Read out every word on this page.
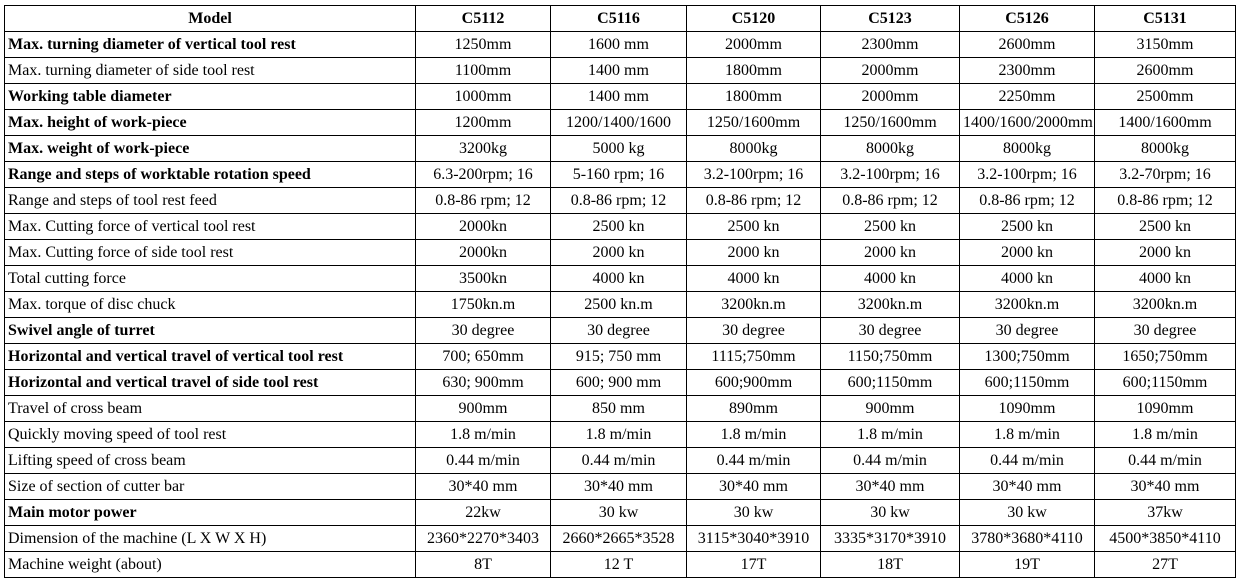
Model	C5112	C5116	C5120	C5123	C5126	C5131
Max. turning diameter of vertical tool rest	1250mm	1600 mm	2000mm	2300mm	2600mm	3150mm
Max. turning diameter of side tool rest	1100mm	1400 mm	1800mm	2000mm	2300mm	2600mm
Working table diameter	1000mm	1400 mm	1800mm	2000mm	2250mm	2500mm
Max. height of work-piece	1200mm	1200/1400/1600	1250/1600mm	1250/1600mm	1400/1600/2000mm	1400/1600mm
Max. weight of work-piece	3200kg	5000 kg	8000kg	8000kg	8000kg	8000kg
Range and steps of worktable rotation speed	6.3-200rpm; 16	5-160 rpm; 16	3.2-100rpm; 16	3.2-100rpm; 16	3.2-100rpm; 16	3.2-70rpm; 16
Range and steps of tool rest feed	0.8-86 rpm; 12	0.8-86 rpm; 12	0.8-86 rpm; 12	0.8-86 rpm; 12	0.8-86 rpm; 12	0.8-86 rpm; 12
Max. Cutting force of vertical tool rest	2000kn	2500 kn	2500 kn	2500 kn	2500 kn	2500 kn
Max. Cutting force of side tool rest	2000kn	2000 kn	2000 kn	2000 kn	2000 kn	2000 kn
Total cutting force	3500kn	4000 kn	4000 kn	4000 kn	4000 kn	4000 kn
Max. torque of disc chuck	1750kn.m	2500 kn.m	3200kn.m	3200kn.m	3200kn.m	3200kn.m
Swivel angle of turret	30 degree	30 degree	30 degree	30 degree	30 degree	30 degree
Horizontal and vertical travel of vertical tool rest	700; 650mm	915; 750 mm	1115;750mm	1150;750mm	1300;750mm	1650;750mm
Horizontal and vertical travel of side tool rest	630; 900mm	600; 900 mm	600;900mm	600;1150mm	600;1150mm	600;1150mm
Travel of cross beam	900mm	850 mm	890mm	900mm	1090mm	1090mm
Quickly moving speed of tool rest	1.8 m/min	1.8 m/min	1.8 m/min	1.8 m/min	1.8 m/min	1.8 m/min
Lifting speed of cross beam	0.44 m/min	0.44 m/min	0.44 m/min	0.44 m/min	0.44 m/min	0.44 m/min
Size of section of cutter bar	30*40 mm	30*40 mm	30*40 mm	30*40 mm	30*40 mm	30*40 mm
Main motor power	22kw	30 kw	30 kw	30 kw	30 kw	37kw
Dimension of the machine (L X W X H)	2360*2270*3403	2660*2665*3528	3115*3040*3910	3335*3170*3910	3780*3680*4110	4500*3850*4110
Machine weight (about)	8T	12 T	17T	18T	19T	27T
